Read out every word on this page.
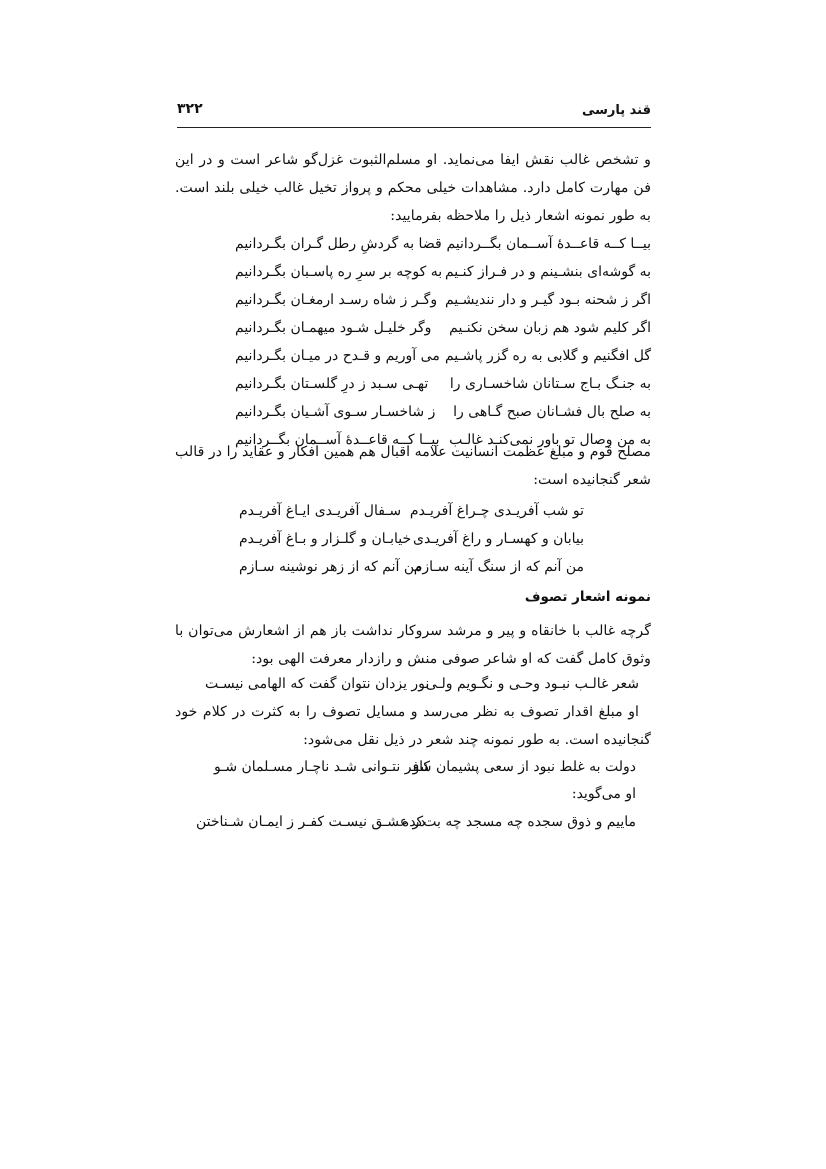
قند پارسی
۳۲۲

و تشخص غالب نقش ایفا می‌نماید. او مسلم‌الثبوت غزل‌گو شاعر است و در این فن مهارت کامل دارد. مشاهدات خیلی محکم و پرواز تخیل غالب خیلی بلند است. به طور نمونه اشعار ذیل را ملاحظه بفرمایید:

بیــا کــه قاعــدهٔ آســمان بگــردانیم
قضا به گردشِ رطل گـران بگـردانیم
به گوشه‌ای بنشـینم و در فـراز کنـیم
به کوچه بر سرِ ره پاسـبان بگـردانیم
اگر ز شحنه بـود گیـر و دار نندیشـیم
وگـر ز شاه رسـد ارمغـان بگـردانیم
اگر کلیم شود هم زبان سخن نکنـیم
وگر خلیـل شـود میهمـان بگـردانیم
گل افگنیم و گلابی به ره گزر پاشـیم
می آوریم و قـدح در میـان بگـردانیم
به جنـگ بـاج سـتانان شاخسـاری را
تهـی سـبد ز درِ گلسـتان بگـردانیم
به صلح بال فشـانان صبح گـاهی را
ز شاخسـار سـوی آشـیان بگـردانیم
به من وصال تو باور نمی‌کنـد غالـب
بیــا کــه قاعــدهٔ آســمان بگــردانیم

مصلح قوم و مبلغ عظمت انسانیت علامه اقبال هم همین افکار و عقاید را در قالب شعر گنجانیده است:

تو شب آفریـدی چـراغ آفریـدم
سـفال آفریـدی ایـاغ آفریـدم
بیابان و کهسـار و راغ آفریـدی
خیابـان و گلـزار و بـاغ آفریـدم
من آنم که از سنگ آینه سـازم
من آنم که از زهر نوشینه سـازم
نمونه اشعار تصوف

گرچه غالب با خانقاه و پیر و مرشد سروکار نداشت باز هم از اشعارش می‌توان با وثوق کامل گفت که او شاعر صوفی منش و رازدار معرفت الهی بود:

شعر غالـب نبـود وحـی و نگـویم ولـی
نور یزدان نتوان گفت که الهامی نیسـت

او مبلغ اقدار تصوف به نظر می‌رسد و مسایل تصوف را به کثرت در کلام خود گنجانیده است. به طور نمونه چند شعر در ذیل نقل می‌شود:

دولت به غلط نبود از سعی پشیمان شو
کافر نتـوانی شـد ناچـار مسـلمان شـو
او می‌گوید:
ماییم و ذوق سجده چه مسجد چه بت‌کده
در عشـق نیسـت کفـر ز ایمـان شـناختن
